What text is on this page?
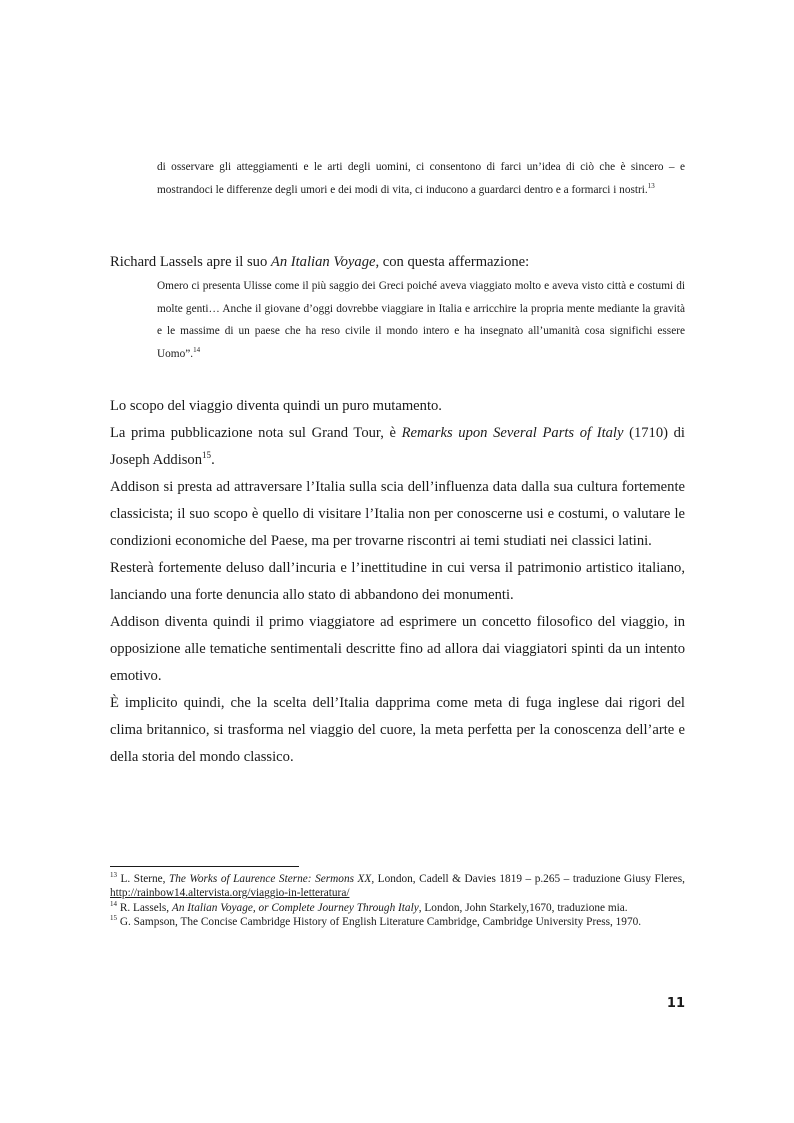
di osservare gli atteggiamenti e le arti degli uomini, ci consentono di farci un’idea di ciò che è sincero – e mostrandoci le differenze degli umori e dei modi di vita, ci inducono a guardarci dentro e a formarci i nostri.$^{13}$

Richard Lassels apre il suo An Italian Voyage, con questa affermazione:

Omero ci presenta Ulisse come il più saggio dei Greci poiché aveva viaggiato molto e aveva visto città e costumi di molte genti… Anche il giovane d’oggi dovrebbe viaggiare in Italia e arricchire la propria mente mediante la gravità e le massime di un paese che ha reso civile il mondo intero e ha insegnato all’umanità cosa significhi essere Uomo”.$^{14}$

Lo scopo del viaggio diventa quindi un puro mutamento.

La prima pubblicazione nota sul Grand Tour, è Remarks upon Several Parts of Italy (1710) di Joseph Addison$^{15}$.

Addison si presta ad attraversare l’Italia sulla scia dell’influenza data dalla sua cultura fortemente classicista; il suo scopo è quello di visitare l’Italia non per conoscerne usi e costumi, o valutare le condizioni economiche del Paese, ma per trovarne riscontri ai temi studiati nei classici latini.

Resterà fortemente deluso dall’incuria e l’inettitudine in cui versa il patrimonio artistico italiano, lanciando una forte denuncia allo stato di abbandono dei monumenti.

Addison diventa quindi il primo viaggiatore ad esprimere un concetto filosofico del viaggio, in opposizione alle tematiche sentimentali descritte fino ad allora dai viaggiatori spinti da un intento emotivo.

È implicito quindi, che la scelta dell’Italia dapprima come meta di fuga inglese dai rigori del clima britannico, si trasforma nel viaggio del cuore, la meta perfetta per la conoscenza dell’arte e della storia del mondo classico.

$^{13}$ L. Sterne, The Works of Laurence Sterne: Sermons XX, London, Cadell & Davies 1819 – p.265 – traduzione Giusy Fleres, http://rainbow14.altervista.org/viaggio-in-letteratura/

$^{14}$ R. Lassels, An Italian Voyage, or Complete Journey Through Italy, London, John Starkely,1670, traduzione mia.

$^{15}$ G. Sampson, The Concise Cambridge History of English Literature Cambridge, Cambridge University Press, 1970.

11
